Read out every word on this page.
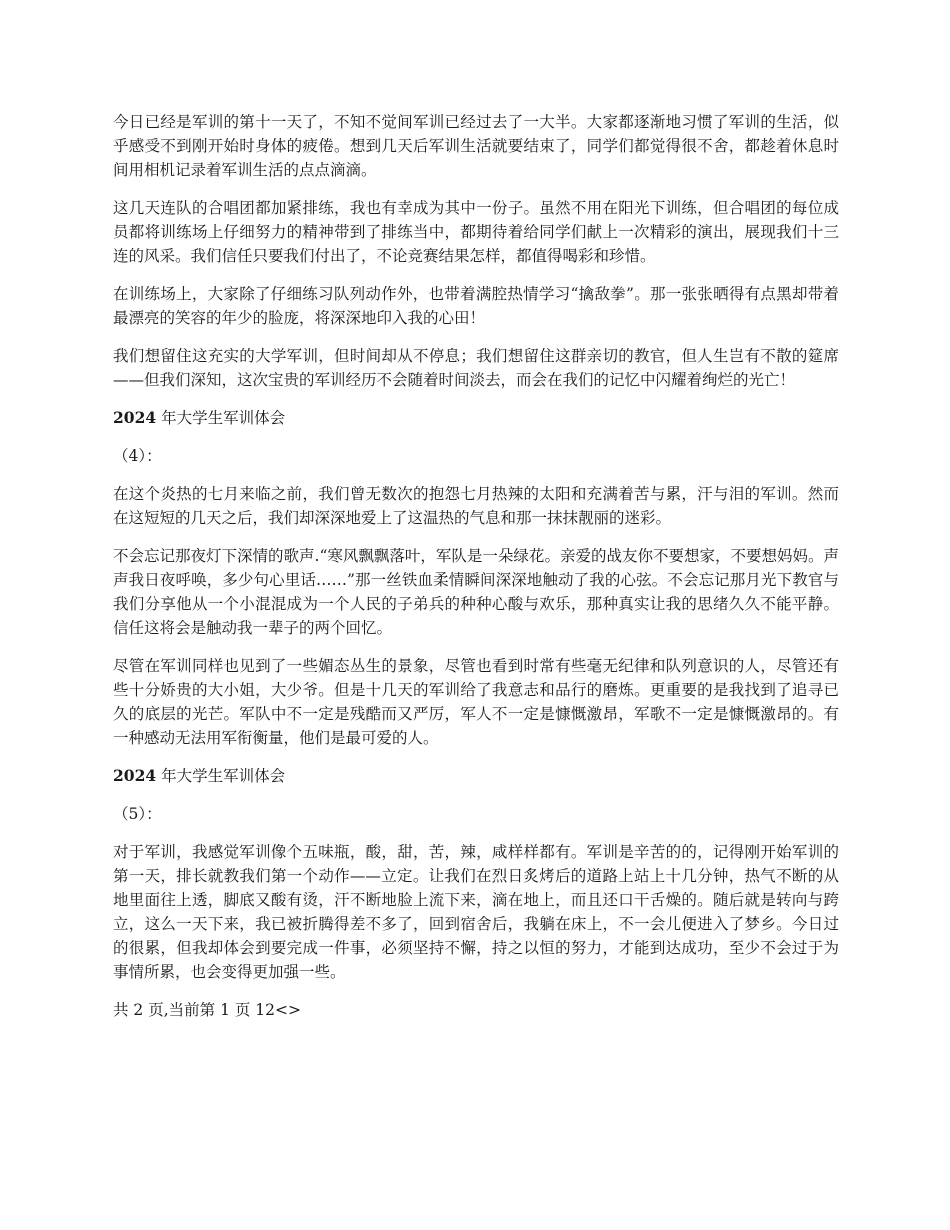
今日已经是军训的第十一天了，不知不觉间军训已经过去了一大半。大家都逐渐地习惯了军训的生活，似乎感受不到刚开始时身体的疲倦。想到几天后军训生活就要结束了，同学们都觉得很不舍，都趁着休息时间用相机记录着军训生活的点点滴滴。

这几天连队的合唱团都加紧排练，我也有幸成为其中一份子。虽然不用在阳光下训练，但合唱团的每位成员都将训练场上仔细努力的精神带到了排练当中，都期待着给同学们献上一次精彩的演出，展现我们十三连的风采。我们信任只要我们付出了，不论竞赛结果怎样，都值得喝彩和珍惜。

在训练场上，大家除了仔细练习队列动作外，也带着满腔热情学习“擒敌拳”。那一张张晒得有点黑却带着最漂亮的笑容的年少的脸庞，将深深地印入我的心田！

我们想留住这充实的大学军训，但时间却从不停息；我们想留住这群亲切的教官，但人生岂有不散的筵席——但我们深知，这次宝贵的军训经历不会随着时间淡去，而会在我们的记忆中闪耀着绚烂的光亡！

2024 年大学生军训体会

（4）：

在这个炎热的七月来临之前，我们曾无数次的抱怨七月热辣的太阳和充满着苦与累，汗与泪的军训。然而在这短短的几天之后，我们却深深地爱上了这温热的气息和那一抹抹靓丽的迷彩。

不会忘记那夜灯下深情的歌声.“寒风飘飘落叶，军队是一朵绿花。亲爱的战友你不要想家，不要想妈妈。声声我日夜呼唤，多少句心里话……”那一丝铁血柔情瞬间深深地触动了我的心弦。不会忘记那月光下教官与我们分享他从一个小混混成为一个人民的子弟兵的种种心酸与欢乐，那种真实让我的思绪久久不能平静。信任这将会是触动我一辈子的两个回忆。

尽管在军训同样也见到了一些媚态丛生的景象，尽管也看到时常有些毫无纪律和队列意识的人，尽管还有些十分娇贵的大小姐，大少爷。但是十几天的军训给了我意志和品行的磨炼。更重要的是我找到了追寻已久的底层的光芒。军队中不一定是残酷而又严厉，军人不一定是慷慨激昂，军歌不一定是慷慨激昂的。有一种感动无法用军衔衡量，他们是最可爱的人。

2024 年大学生军训体会

（5）：

对于军训，我感觉军训像个五味瓶，酸，甜，苦，辣，咸样样都有。军训是辛苦的的，记得刚开始军训的第一天，排长就教我们第一个动作——立定。让我们在烈日炙烤后的道路上站上十几分钟，热气不断的从地里面往上透，脚底又酸有烫，汗不断地脸上流下来，滴在地上，而且还口干舌燥的。随后就是转向与跨立，这么一天下来，我已被折腾得差不多了，回到宿舍后，我躺在床上，不一会儿便进入了梦乡。今日过的很累，但我却体会到要完成一件事，必须坚持不懈，持之以恒的努力，才能到达成功，至少不会过于为事情所累，也会变得更加强一些。

共 2 页,当前第 1 页 12<>
